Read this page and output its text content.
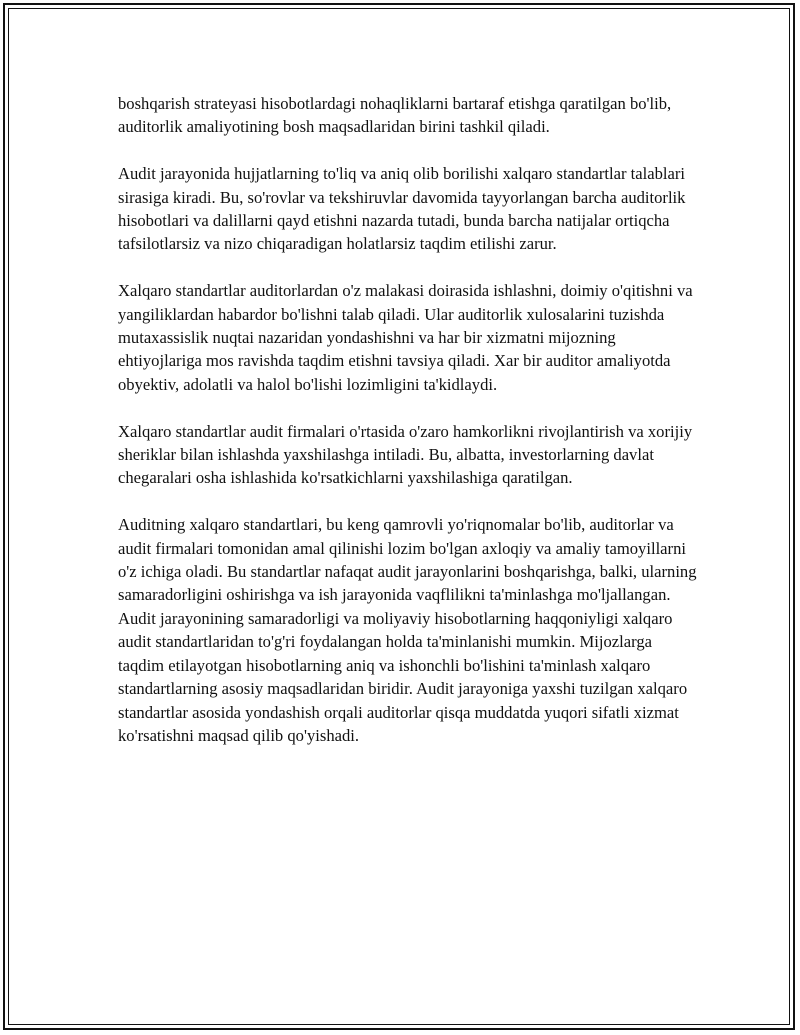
boshqarish strateyasi hisobotlardagi nohaqliklarni bartaraf etishga qaratilgan bo'lib, auditorlik amaliyotining bosh maqsadlaridan birini tashkil qiladi.

Audit jarayonida hujjatlarning to'liq va aniq olib borilishi xalqaro standartlar talablari sirasiga kiradi. Bu, so'rovlar va tekshiruvlar davomida tayyorlangan barcha auditorlik hisobotlari va dalillarni qayd etishni nazarda tutadi, bunda barcha natijalar ortiqcha tafsilotlarsiz va nizo chiqaradigan holatlarsiz taqdim etilishi zarur.

Xalqaro standartlar auditorlardan o'z malakasi doirasida ishlashni, doimiy o'qitishni va yangiliklardan habardor bo'lishni talab qiladi. Ular auditorlik xulosalarini tuzishda mutaxassislik nuqtai nazaridan yondashishni va har bir xizmatni mijozning ehtiyojlariga mos ravishda taqdim etishni tavsiya qiladi. Xar bir auditor amaliyotda obyektiv, adolatli va halol bo'lishi lozimligini ta'kidlaydi.

Xalqaro standartlar audit firmalari o'rtasida o'zaro hamkorlikni rivojlantirish va xorijiy sheriklar bilan ishlashda yaxshilashga intiladi. Bu, albatta, investorlarning davlat chegaralari osha ishlashida ko'rsatkichlarni yaxshilashiga qaratilgan.

Auditning xalqaro standartlari, bu keng qamrovli yo'riqnomalar bo'lib, auditorlar va audit firmalari tomonidan amal qilinishi lozim bo'lgan axloqiy va amaliy tamoyillarni o'z ichiga oladi. Bu standartlar nafaqat audit jarayonlarini boshqarishga, balki, ularning samaradorligini oshirishga va ish jarayonida vaqflilikni ta'minlashga mo'ljallangan. Audit jarayonining samaradorligi va moliyaviy hisobotlarning haqqoniyligi xalqaro audit standartlaridan to'g'ri foydalangan holda ta'minlanishi mumkin. Mijozlarga taqdim etilayotgan hisobotlarning aniq va ishonchli bo'lishini ta'minlash xalqaro standartlarning asosiy maqsadlaridan biridir. Audit jarayoniga yaxshi tuzilgan xalqaro standartlar asosida yondashish orqali auditorlar qisqa muddatda yuqori sifatli xizmat ko'rsatishni maqsad qilib qo'yishadi.
